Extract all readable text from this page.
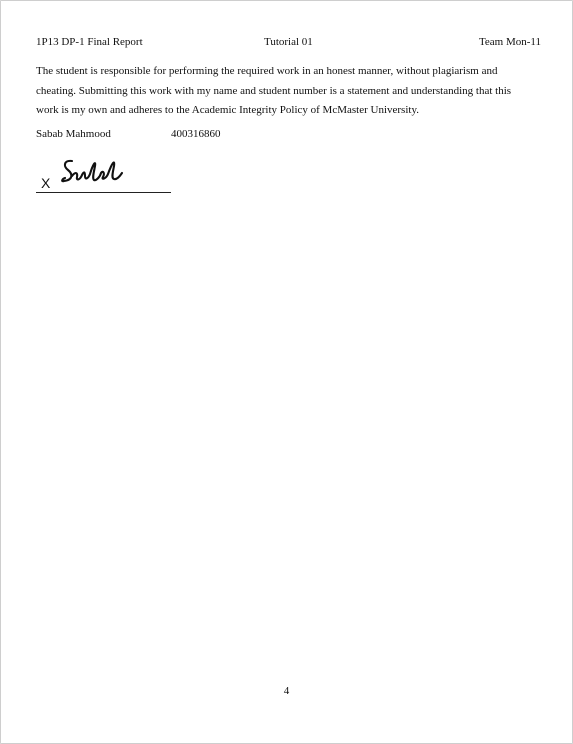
1P13 DP-1 Final Report	Tutorial 01	Team Mon-11

The student is responsible for performing the required work in an honest manner, without plagiarism and cheating. Submitting this work with my name and student number is a statement and understanding that this work is my own and adheres to the Academic Integrity Policy of McMaster University.

Sabab Mahmood	400316860
X
4
